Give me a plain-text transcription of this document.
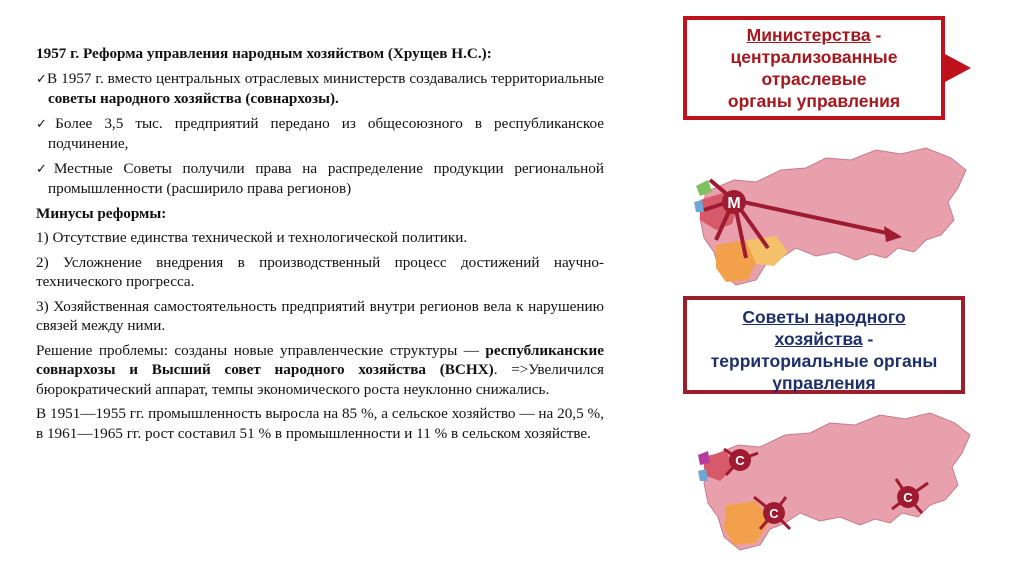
1957 г. Реформа управления народным хозяйством (Хрущев Н.С.):

✓В 1957 г. вместо центральных отраслевых министерств создавались территориальные советы народного хозяйства (совнархозы).

✓Более 3,5 тыс. предприятий передано из общесоюзного в республиканское подчинение,

✓Местные Советы получили права на распределение продукции региональной промышленности (расширило права регионов)

Минусы реформы:

1) Отсутствие единства технической и технологической политики.

2) Усложнение внедрения в производственный процесс достижений научно-технического прогресса.

3) Хозяйственная самостоятельность предприятий внутри регионов вела к нарушению связей между ними.

Решение проблемы: созданы новые управленческие структуры — республиканские совнархозы и Высший совет народного хозяйства (ВСНХ). =>Увеличился бюрократический аппарат, темпы экономического роста неуклонно снижались.

В 1951—1955 гг. промышленность выросла на 85 %, а сельское хозяйство — на 20,5 %, в 1961—1965 гг. рост составил 51 % в промышленности и 11 % в сельском хозяйстве.

Министерства -
централизованные
отраслевые
органы управления
Советы народного
хозяйства -
территориальные органы
управления
М
С
С
С
